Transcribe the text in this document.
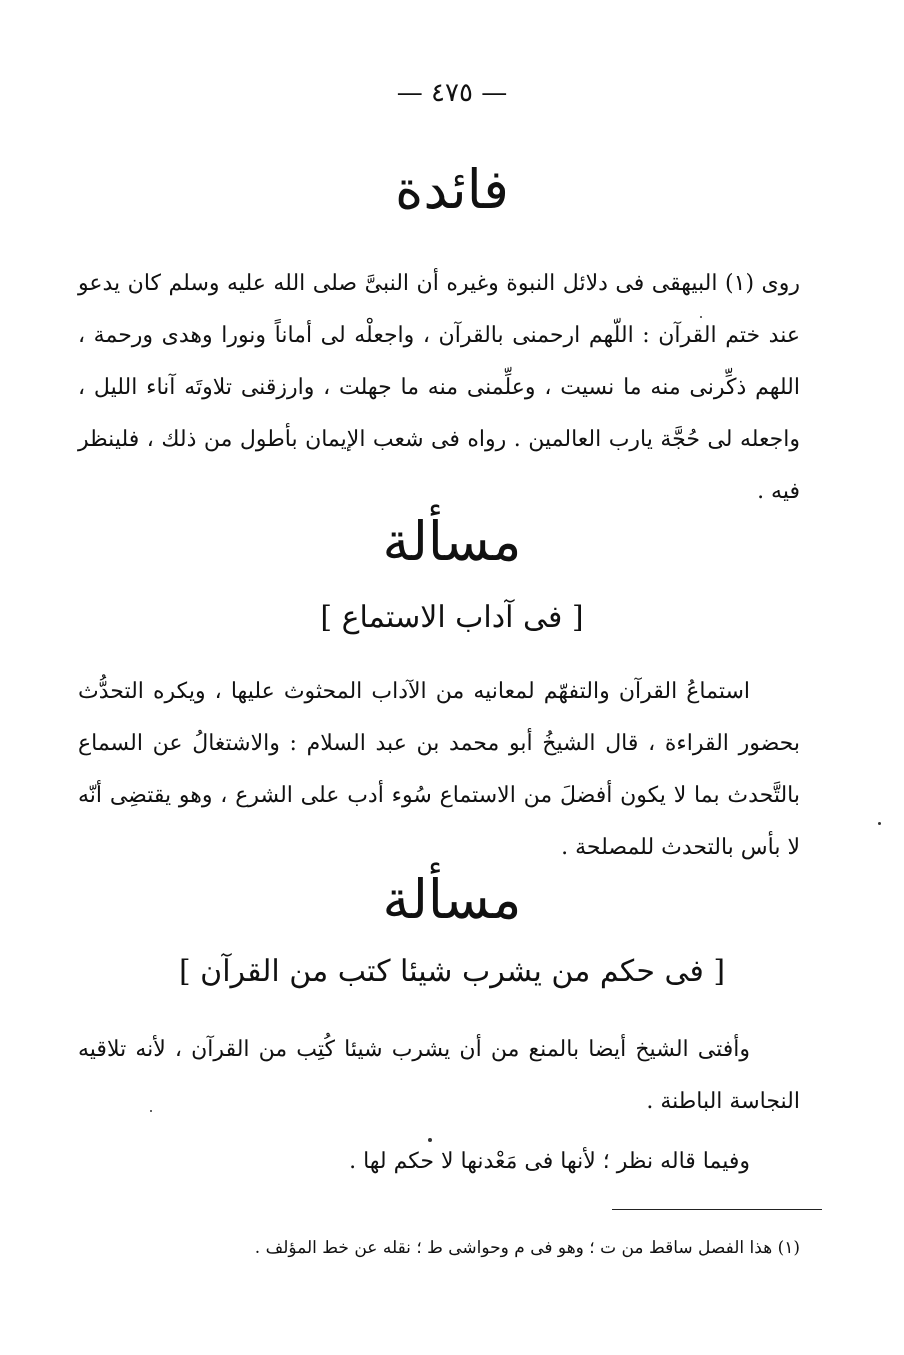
— ٤٧٥ —
فائدة

روى (١) البيهقى فى دلائل النبوة وغيره أن النبىَّ صلى الله عليه وسلم كان يدعو عند ختم القرآن : اللّهم ارحمنى بالقرآن ، واجعلْه لى أماناً ونورا وهدى ورحمة ، اللهم ذكِّرنى منه ما نسيت ، وعلِّمنى منه ما جهلت ، وارزقنى تلاوتَه آناء الليل ، واجعله لى حُجَّة يارب العالمين . رواه فى شعب الإيمان بأطول من ذلك ، فلينظر فيه .

مسألة
[ فى آداب الاستماع ]

استماعُ القرآن والتفهّم لمعانيه من الآداب المحثوث عليها ، ويكره التحدُّث بحضور القراءة ، قال الشيخُ أبو محمد بن عبد السلام : والاشتغالُ عن السماع بالتَّحدث بما لا يكون أفضلَ من الاستماع سُوء أدب على الشرع ، وهو يقتضِى أنّه لا بأس بالتحدث للمصلحة .

مسألة
[ فى حكم من يشرب شيئا كتب من القرآن ]

وأفتى الشيخ أيضا بالمنع من أن يشرب شيئا كُتِب من القرآن ، لأنه تلاقيه النجاسة الباطنة .

وفيما قاله نظر ؛ لأنها فى مَعْدنها لا حكم لها .

(١) هذا الفصل ساقط من ت ؛ وهو فى م وحواشى ط ؛ نقله عن خط المؤلف .
